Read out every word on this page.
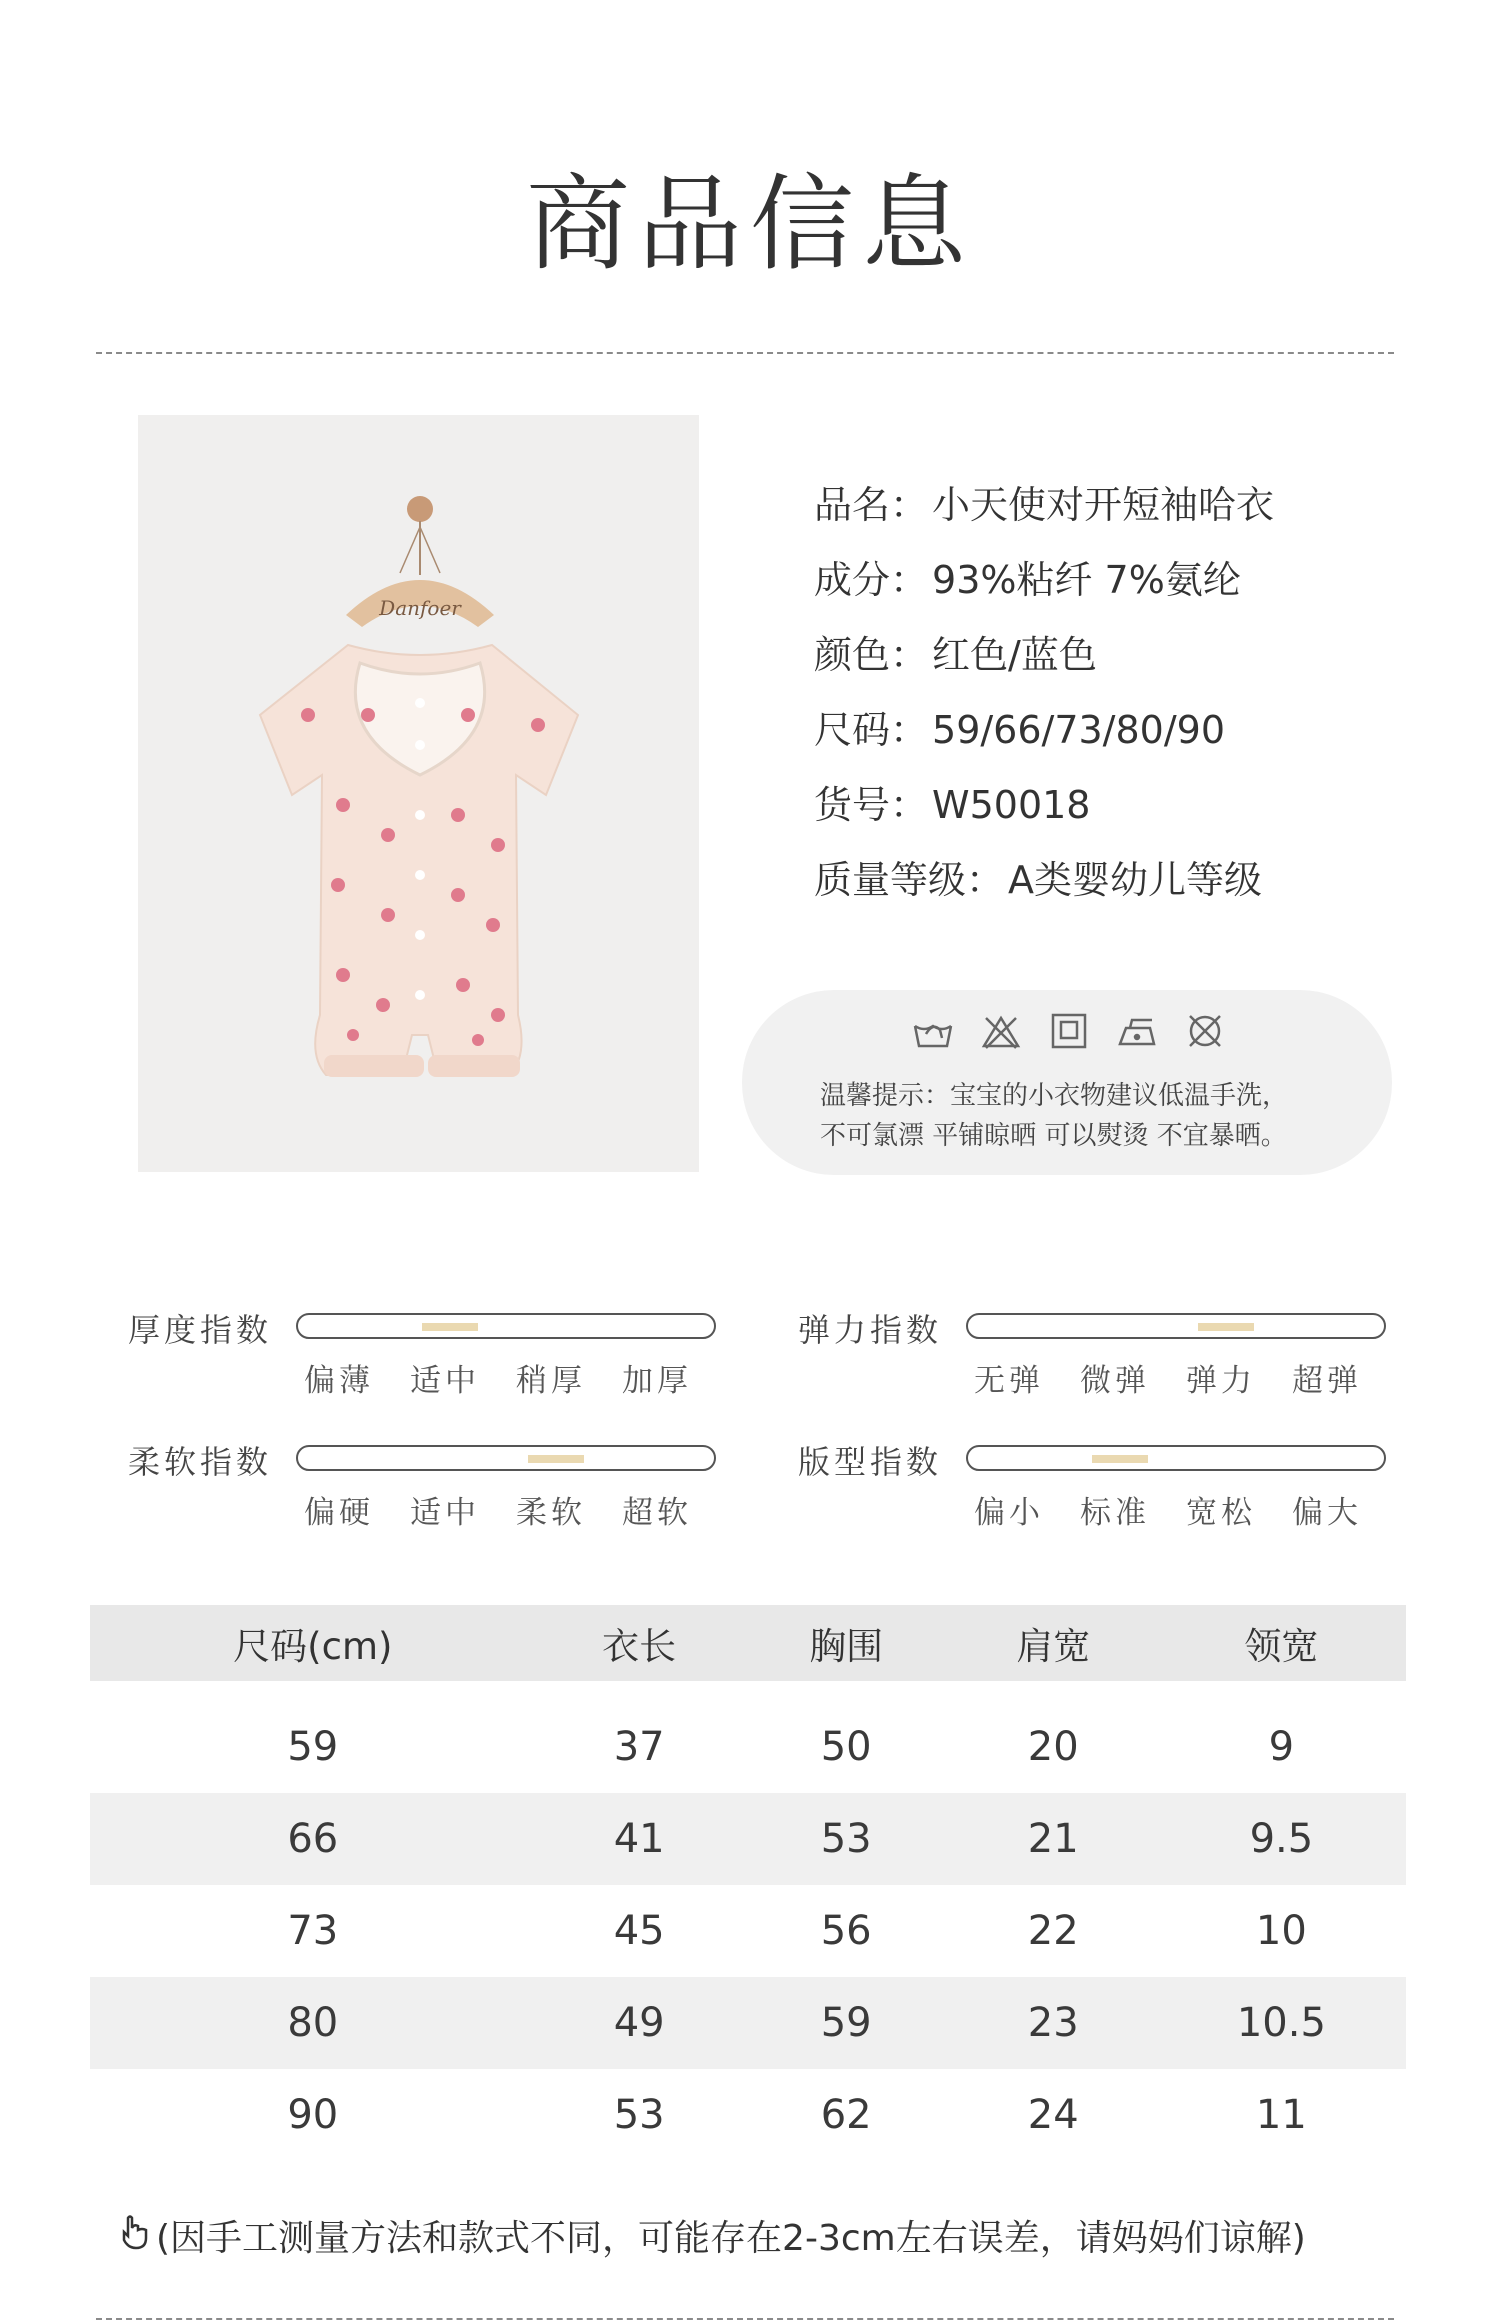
商品信息
Danfoer
品名： 小天使对开短袖哈衣
成分： 93%粘纤 7%氨纶
颜色： 红色/蓝色
尺码： 59/66/73/80/90
货号： W50018
质量等级： A类婴幼儿等级
温馨提示：宝宝的小衣物建议低温手洗，
不可氯漂 平铺晾晒 可以熨烫 不宜暴晒。
厚度指数
偏薄	适中	稍厚	加厚
弹力指数
无弹	微弹	弹力	超弹
柔软指数
偏硬	适中	柔软	超软
版型指数
偏小	标准	宽松	偏大
尺码(cm)	衣长	胸围	肩宽	领宽

59	37	50	20	9
66	41	53	21	9.5
73	45	56	22	10
80	49	59	23	10.5
90	53	62	24	11
(因手工测量方法和款式不同，可能存在2-3cm左右误差，请妈妈们谅解)
